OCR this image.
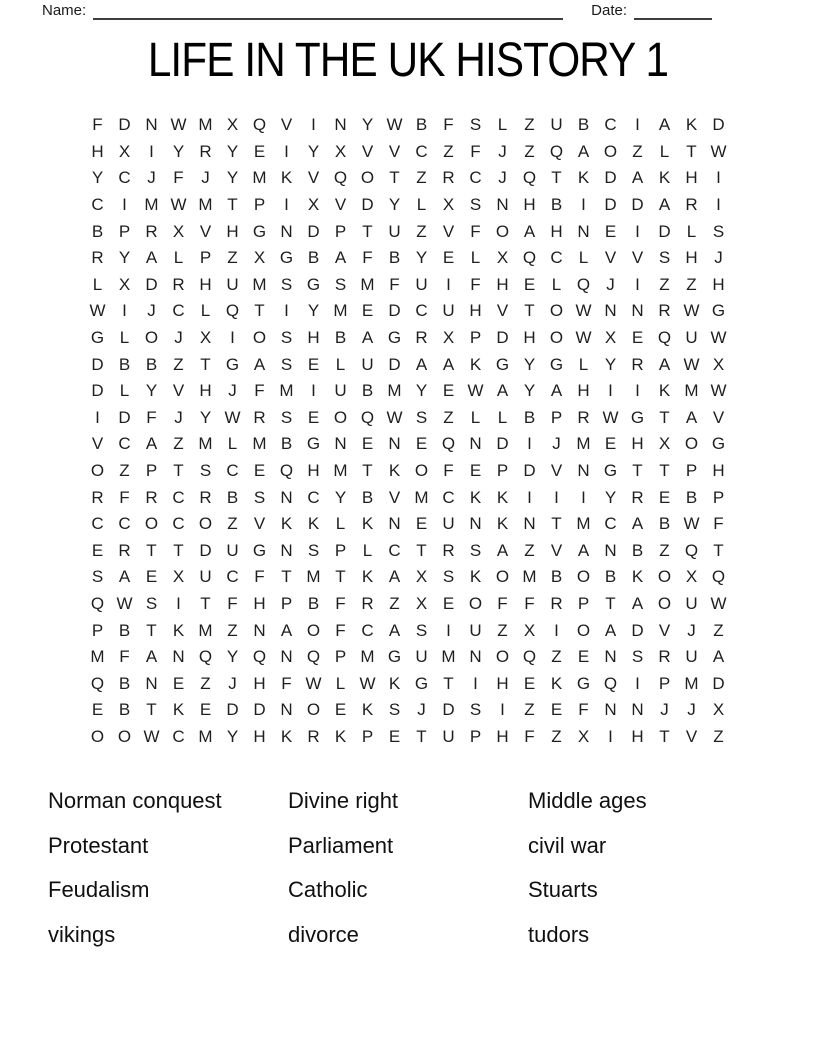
Name:	Date:
LIFE IN THE UK HISTORY 1
F D N W M X Q V	I	N Y W B F S L	Z U B C	I	A K D
H X	I	Y R Y E	I	Y X V V C Z F	J	Z Q A O Z	L	T W
Y C J	F	J	Y M K V Q O T Z R C J Q T K D A K H	I
C	I	M W M T P	I	X V D Y L X S N H B	I	D D A R	I
B P R X V H G N D P T U Z V F O A H N E	I	D L S
R Y A L P Z X G B A F B Y E L X Q C L V V S H J
L X D R H U M S G S M F U	I	F H E L Q J	I	Z Z H
W I	J C L Q T	I	Y M E D C U H V T O W N N R W G
G L O J	X	I	O S H B A G R X P D H O W X E Q U W
D B B Z T G A S E L U D A A K G Y G L Y R A W X
D L Y V H J	F M	I	U B M Y E W A Y A H	I	I	K M W
I	D F	J	Y W R S E O Q W S Z	L	L B P R W G T A V
V C A Z M L M B G N E N E Q N D	I	J M E H X O G
O Z P T S C E Q H M T K O F E P D V N G T T P H
R F R C R B S N C Y B V M C K K	I	I	I	Y R E B P
C C O C O Z V K K L K N E U N K N T M C A B W F
E R T T D U G N S P L C T R S A Z V A N B Z Q T
S A E X U C F T M T K A X S K O M B O B K O X Q
Q W S	I	T F H P B F R Z X E O F F R P T A O U W
P B T K M Z N A O F C A S	I	U Z X	I	O A D V	J	Z
M F A N Q Y Q N Q P M G U M N O Q Z E N S R U A
Q B N E Z	J H F W L W K G T	I	H E K G Q	I	P M D
E B T K E D D N O E K S	J D S	I	Z E F N N J	J	X
O O W C M Y H K R K P E T U P H F Z X	I	H T V Z
Norman conquest
Protestant
Feudalism
vikings
Divine right
Parliament
Catholic
divorce
Middle ages
civil war
Stuarts
tudors
